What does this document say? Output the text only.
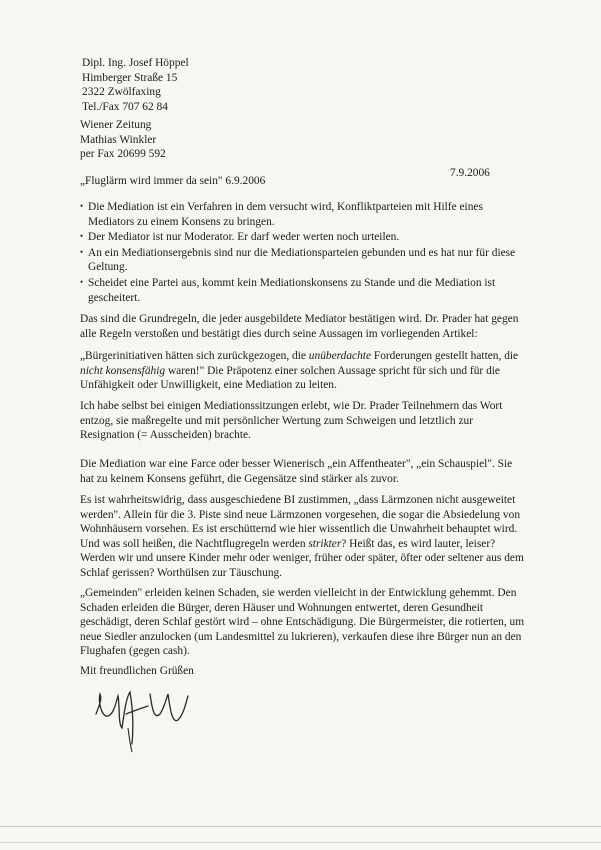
Dipl. Ing. Josef Höppel
Himberger Straße 15
2322 Zwölfaxing
Tel./Fax 707 62 84
Wiener Zeitung
Mathias Winkler
per Fax 20699 592
7.9.2006
„Fluglärm wird immer da sein" 6.9.2006

• Die Mediation ist ein Verfahren in dem versucht wird, Konfliktparteien mit Hilfe eines Mediators zu einem Konsens zu bringen.

• Der Mediator ist nur Moderator. Er darf weder werten noch urteilen.

• An ein Mediationsergebnis sind nur die Mediationsparteien gebunden und es hat nur für diese Geltung.

• Scheidet eine Partei aus, kommt kein Mediationskonsens zu Stande und die Mediation ist gescheitert.

Das sind die Grundregeln, die jeder ausgebildete Mediator bestätigen wird. Dr. Prader hat gegen alle Regeln verstoßen und bestätigt dies durch seine Aussagen im vorliegenden Artikel:

„Bürgerinitiativen hätten sich zurückgezogen, die unüberdachte Forderungen gestellt hatten, die nicht konsensfähig waren!" Die Präpotenz einer solchen Aussage spricht für sich und für die Unfähigkeit oder Unwilligkeit, eine Mediation zu leiten.

Ich habe selbst bei einigen Mediationssitzungen erlebt, wie Dr. Prader Teilnehmern das Wort entzog, sie maßregelte und mit persönlicher Wertung zum Schweigen und letztlich zur Resignation (= Ausscheiden) brachte.

Die Mediation war eine Farce oder besser Wienerisch „ein Affentheater", „ein Schauspiel". Sie hat zu keinem Konsens geführt, die Gegensätze sind stärker als zuvor.

Es ist wahrheitswidrig, dass ausgeschiedene BI zustimmen, „dass Lärmzonen nicht ausgeweitet werden". Allein für die 3. Piste sind neue Lärmzonen vorgesehen, die sogar die Absiedelung von Wohnhäusern vorsehen. Es ist erschütternd wie hier wissentlich die Unwahrheit behauptet wird. Und was soll heißen, die Nachtflugregeln werden strikter? Heißt das, es wird lauter, leiser? Werden wir und unsere Kinder mehr oder weniger, früher oder später, öfter oder seltener aus dem Schlaf gerissen? Worthülsen zur Täuschung.

„Gemeinden" erleiden keinen Schaden, sie werden vielleicht in der Entwicklung gehemmt. Den Schaden erleiden die Bürger, deren Häuser und Wohnungen entwertet, deren Gesundheit geschädigt, deren Schlaf gestört wird – ohne Entschädigung. Die Bürgermeister, die rotierten, um neue Siedler anzulocken (um Landesmittel zu lukrieren), verkaufen diese ihre Bürger nun an den Flughafen (gegen cash).

Mit freundlichen Grüßen
